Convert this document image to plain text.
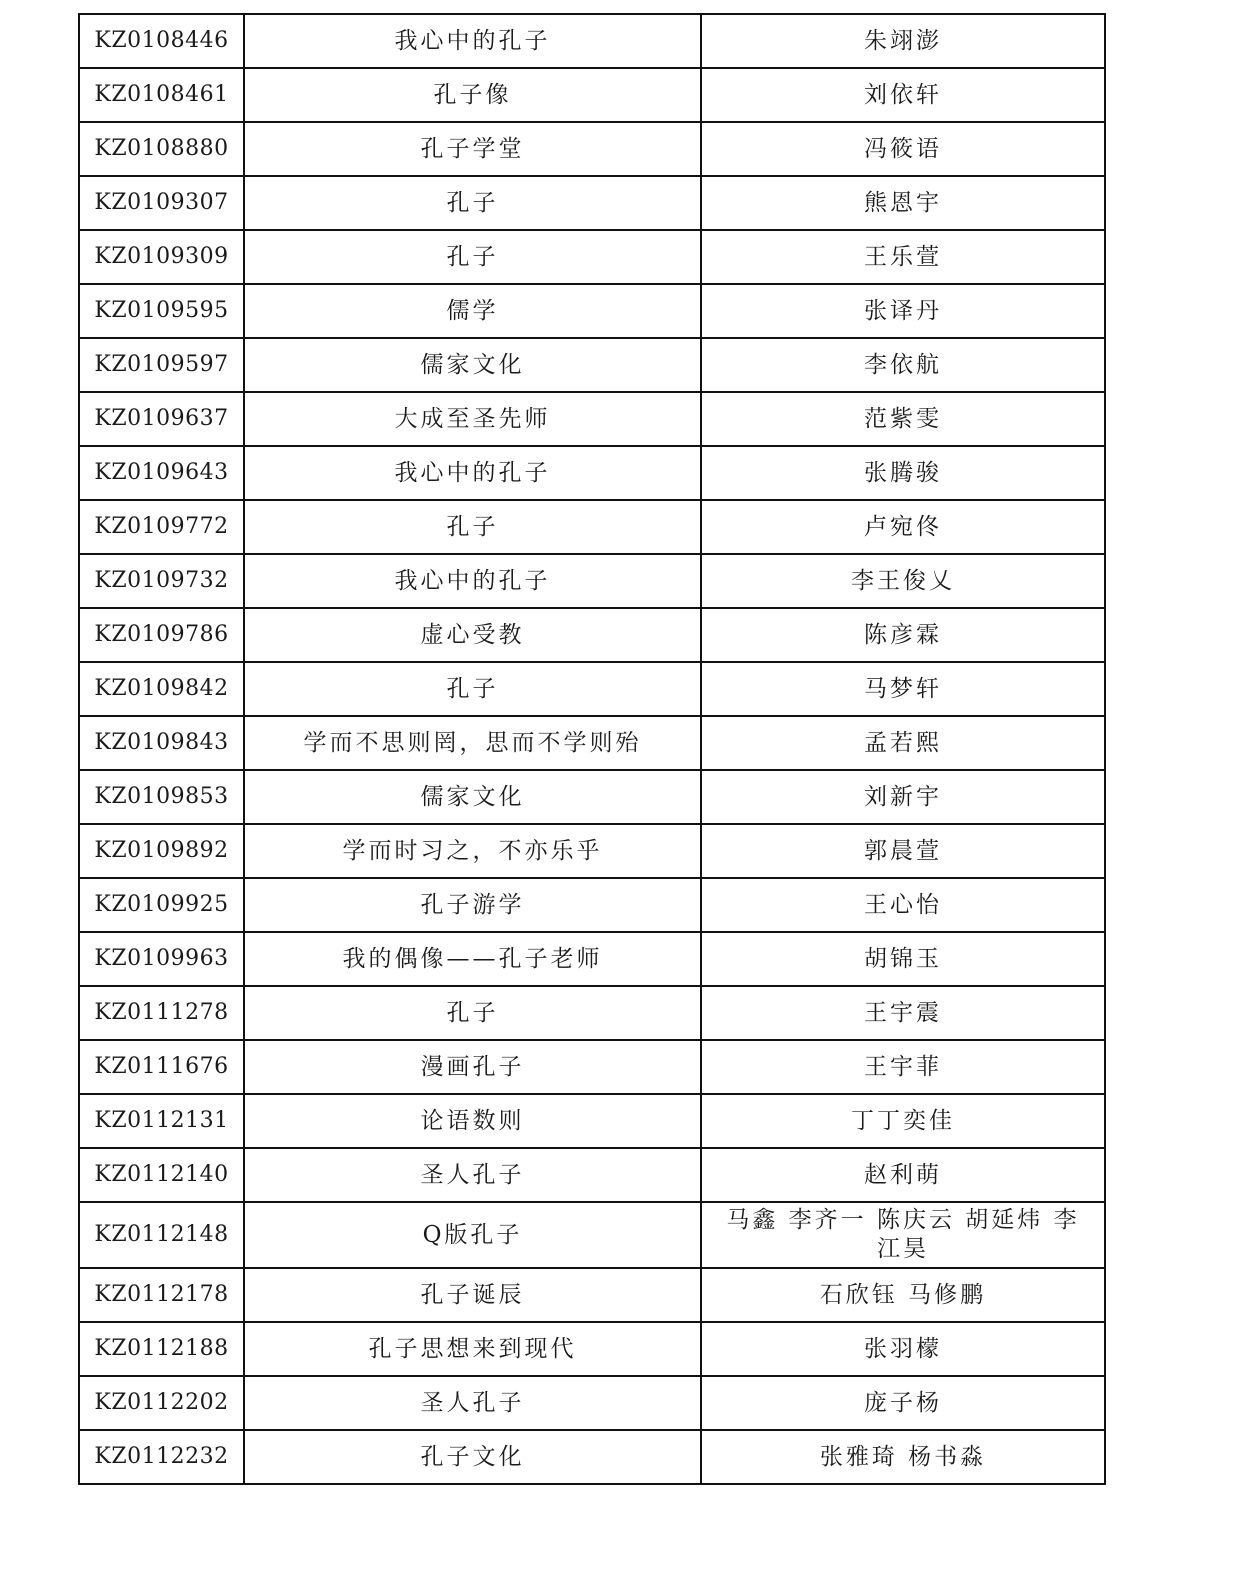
KZ0108446	我心中的孔子	朱翊澎
KZ0108461	孔子像	刘依轩
KZ0108880	孔子学堂	冯筱语
KZ0109307	孔子	熊恩宇
KZ0109309	孔子	王乐萱
KZ0109595	儒学	张译丹
KZ0109597	儒家文化	李依航
KZ0109637	大成至圣先师	范紫雯
KZ0109643	我心中的孔子	张腾骏
KZ0109772	孔子	卢宛佟
KZ0109732	我心中的孔子	李王俊乂
KZ0109786	虚心受教	陈彦霖
KZ0109842	孔子	马梦轩
KZ0109843	学而不思则罔，思而不学则殆	孟若熙
KZ0109853	儒家文化	刘新宇
KZ0109892	学而时习之，不亦乐乎	郭晨萱
KZ0109925	孔子游学	王心怡
KZ0109963	我的偶像——孔子老师	胡锦玉
KZ0111278	孔子	王宇震
KZ0111676	漫画孔子	王宇菲
KZ0112131	论语数则	丁丁奕佳
KZ0112140	圣人孔子	赵利萌
KZ0112148	Q版孔子	马鑫 李齐一 陈庆云 胡延炜 李江昊
KZ0112178	孔子诞辰	石欣钰 马修鹏
KZ0112188	孔子思想来到现代	张羽檬
KZ0112202	圣人孔子	庞子杨
KZ0112232	孔子文化	张雅琦 杨书淼
